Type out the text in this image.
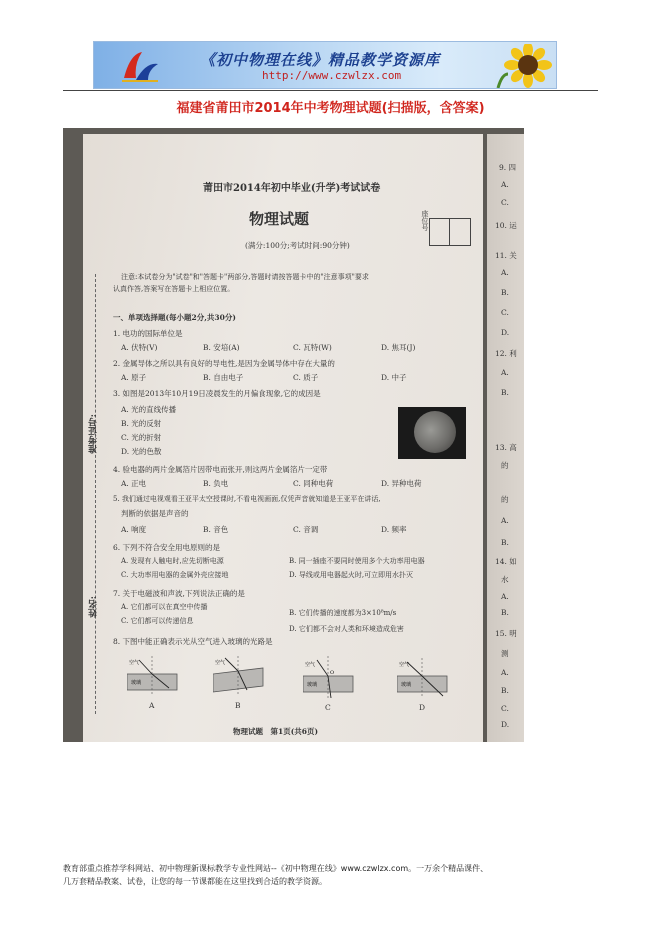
《初中物理在线》精品教学资源库
http://www.czwlzx.com
福建省莆田市2014年中考物理试题(扫描版，含答案)
准考证号:
姓名:
莆田市2014年初中毕业(升学)考试试卷
物理试题	座位号
(满分:100分;考试时间:90分钟)
注意:本试卷分为"试卷"和"答题卡"两部分,答题时请按答题卡中的"注意事项"要求
认真作答,答案写在答题卡上相应位置。
一、单项选择题(每小题2分,共30分)
1. 电功的国际单位是
A. 伏特(V)	B. 安培(A)	C. 瓦特(W)	D. 焦耳(J)
2. 金属导体之所以具有良好的导电性,是因为金属导体中存在大量的
A. 原子	B. 自由电子	C. 质子	D. 中子
3. 如图是2013年10月19日凌晨发生的月偏食现象,它的成因是
A. 光的直线传播
B. 光的反射
C. 光的折射
D. 光的色散
4. 验电器的两片金属箔片因带电而张开,则这两片金属箔片一定带
A. 正电	B. 负电	C. 同种电荷	D. 异种电荷
5. 我们通过电视观看王亚平太空授课时,不看电视画面,仅凭声音就知道是王亚平在讲话,
判断的依据是声音的
A. 响度	B. 音色	C. 音调	D. 频率
6. 下列不符合安全用电原则的是
A. 发现有人触电时,应先切断电源	B. 同一插座不要同时使用多个大功率用电器
C. 大功率用电器的金属外壳应接地	D. 导线或用电器起火时,可立即用水扑灭
7. 关于电磁波和声波,下列说法正确的是
A. 它们都可以在真空中传播
B. 它们传播的速度都为3×10⁸m/s
C. 它们都可以传递信息
D. 它们都不会对人类和环境造成危害
8. 下图中能正确表示光从空气进入玻璃的光路是
空气
玻璃
A
空气
B
空气
玻璃
O
C
空气
玻璃
D
物理试题　第1页(共6页)
9. 四
A.
C.
10. 运
11. 关
A.
B.
C.
D.
12. 利
A.
B.
13. 高
的
的
A.
B.
14. 如
水
A.
B.
15. 明
测
A.
B.
C.
D.
教育部重点推荐学科网站、初中物理新课标教学专业性网站--《初中物理在线》www.czwlzx.com。一万余个精品课件、
几万套精品教案、试卷，让您的每一节课都能在这里找到合适的教学资源。
